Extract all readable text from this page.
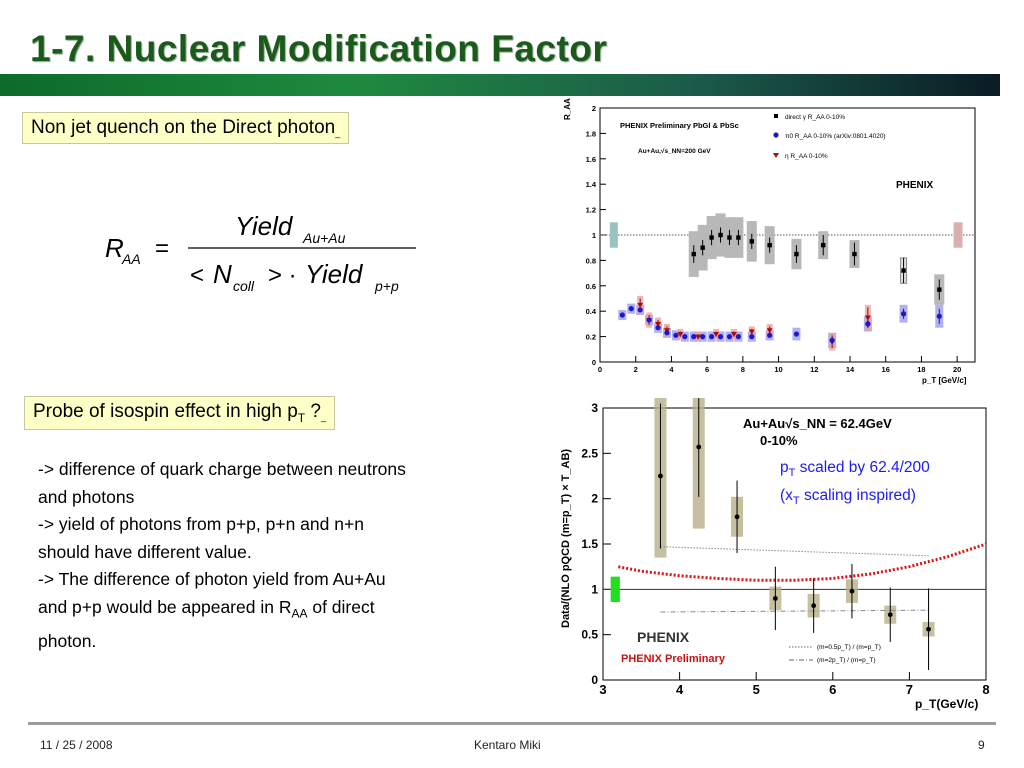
1-7. Nuclear Modification Factor
Non jet quench on the Direct photon_
R
AA =
Yield Au+Au
< N coll > · Yield p+p
Probe of isospin effect in high $p_T$ ?_
-> difference of quark charge between neutrons
and photons
-> yield of photons from p+p, p+n and n+n
should have different value.
-> The difference of photon yield from Au+Au
and p+p would be appeared in $R_{AA}$ of direct
photon.
0	2	4	6	8	10	12	14	16	18	20
0
0.2
0.4
0.6
0.8
1
1.2
1.4
1.6
1.8
2
PHENIX Preliminary PbGl & PbSc
Au+Au,√s_NN=200 GeV
direct γ R_AA 0-10%
π0 R_AA 0-10% (arXiv:0801.4020)
η R_AA 0-10%
PHENIX
R_AA
p_T [GeV/c]
3	4	5	6	7	8
0
0.5
1
1.5
2
2.5
3
Au+Au√s_NN = 62.4GeV
0-10%
PHENIX
PHENIX Preliminary
(m=0.5p_T) / (m=p_T)
(m=2p_T) / (m=p_T)
Data/(NLO pQCD (m=p_T) × T_AB)
p_T(GeV/c)
$p_T$ scaled by 62.4/200
($x_T$ scaling inspired)
11 / 25 / 2008	Kentaro Miki	9
